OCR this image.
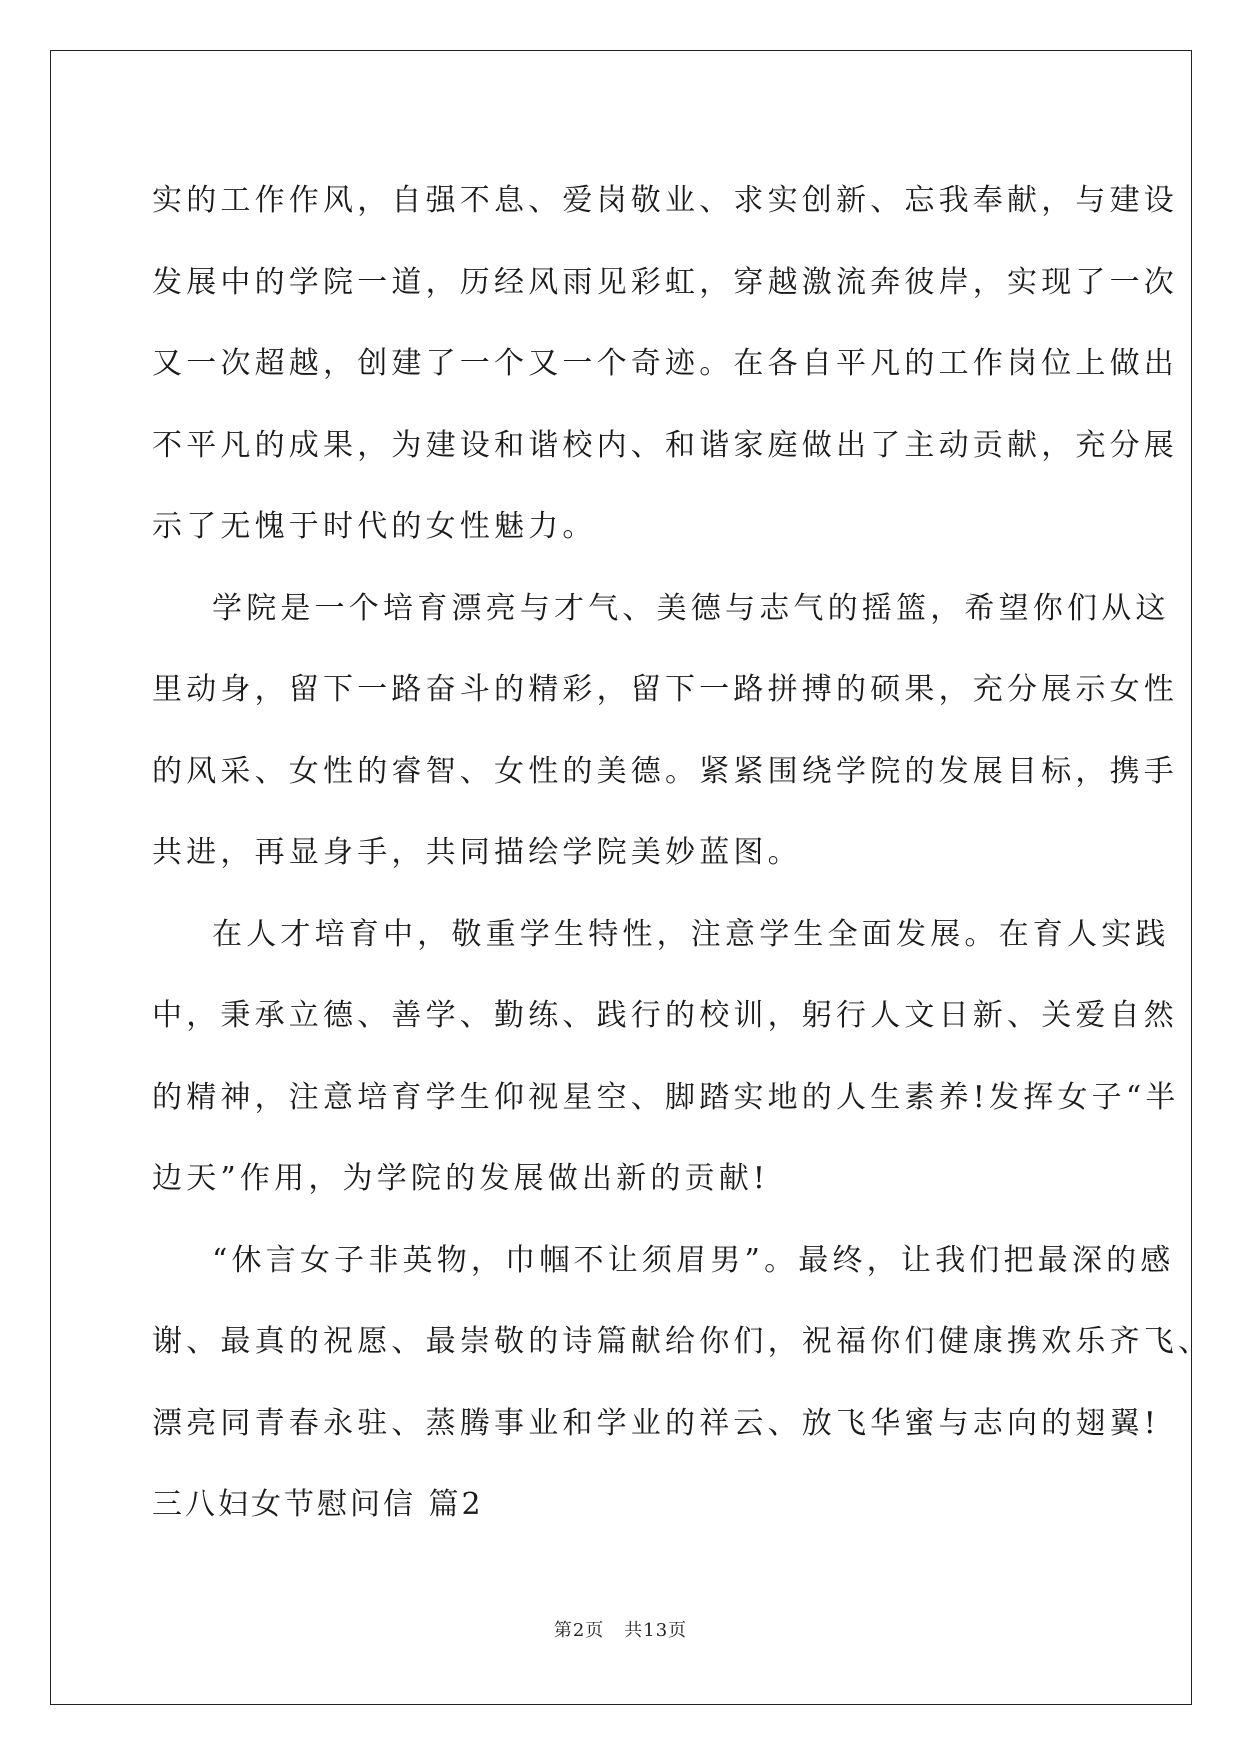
实的工作作风，自强不息、爱岗敬业、求实创新、忘我奉献，与建设
发展中的学院一道，历经风雨见彩虹，穿越激流奔彼岸，实现了一次
又一次超越，创建了一个又一个奇迹。在各自平凡的工作岗位上做出
不平凡的成果，为建设和谐校内、和谐家庭做出了主动贡献，充分展
示了无愧于时代的女性魅力。
学院是一个培育漂亮与才气、美德与志气的摇篮，希望你们从这
里动身，留下一路奋斗的精彩，留下一路拼搏的硕果，充分展示女性
的风采、女性的睿智、女性的美德。紧紧围绕学院的发展目标，携手
共进，再显身手，共同描绘学院美妙蓝图。
在人才培育中，敬重学生特性，注意学生全面发展。在育人实践
中，秉承立德、善学、勤练、践行的校训，躬行人文日新、关爱自然
的精神，注意培育学生仰视星空、脚踏实地的人生素养!发挥女子“半
边天”作用，为学院的发展做出新的贡献!
“休言女子非英物，巾帼不让须眉男”。最终，让我们把最深的感
谢、最真的祝愿、最崇敬的诗篇献给你们，祝福你们健康携欢乐齐飞、
漂亮同青春永驻、蒸腾事业和学业的祥云、放飞华蜜与志向的翅翼!
三八妇女节慰问信 篇2
第2页 共13页
